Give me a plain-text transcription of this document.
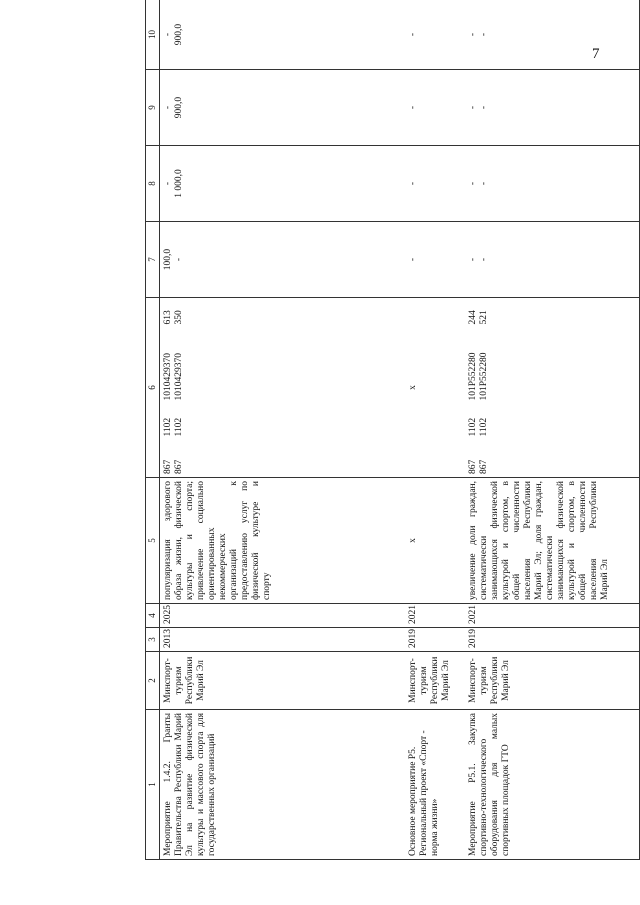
7
1	2	3	4	5	6				7	8	9	10
Мероприятие 1.4.2. Гранты Правительства Республики Марий Эл на развитие физической культуры и массового спорта для государственных организаций	Минспорт-туризм Республики Марий Эл	2013	2025	популяризация здорового образа жизни, физической культуры и спорта; привлечение социально ориентированных некоммерческих организаций к предоставлению услуг по физической культуре и спорту	867 867	1102 1102	1010429370 1010429370	613 350	100,0 -	- 1 000,0	- 900,0	- 900,0

Основное мероприятие Р5. Региональный проект «Спорт - норма жизни»	Минспорт-туризм Республики Марий Эл	2019	2021	х	х				-	-	-	-
Мероприятие Р5.1. Закупка спортивно-технологического оборудования для малых спортивных площадок ГТО	Минспорт-туризм Республики Марий Эл	2019	2021	увеличение доли граждан, систематически занимающихся физической культурой и спортом, в общей численности населения Республики Марий Эл; доля граждан, систематически занимающихся физической культурой и спортом, в общей численности населения Республики Марий Эл	867 867	1102 1102	101P552280 101P552280	244 521	- -	- -	- -	- -
